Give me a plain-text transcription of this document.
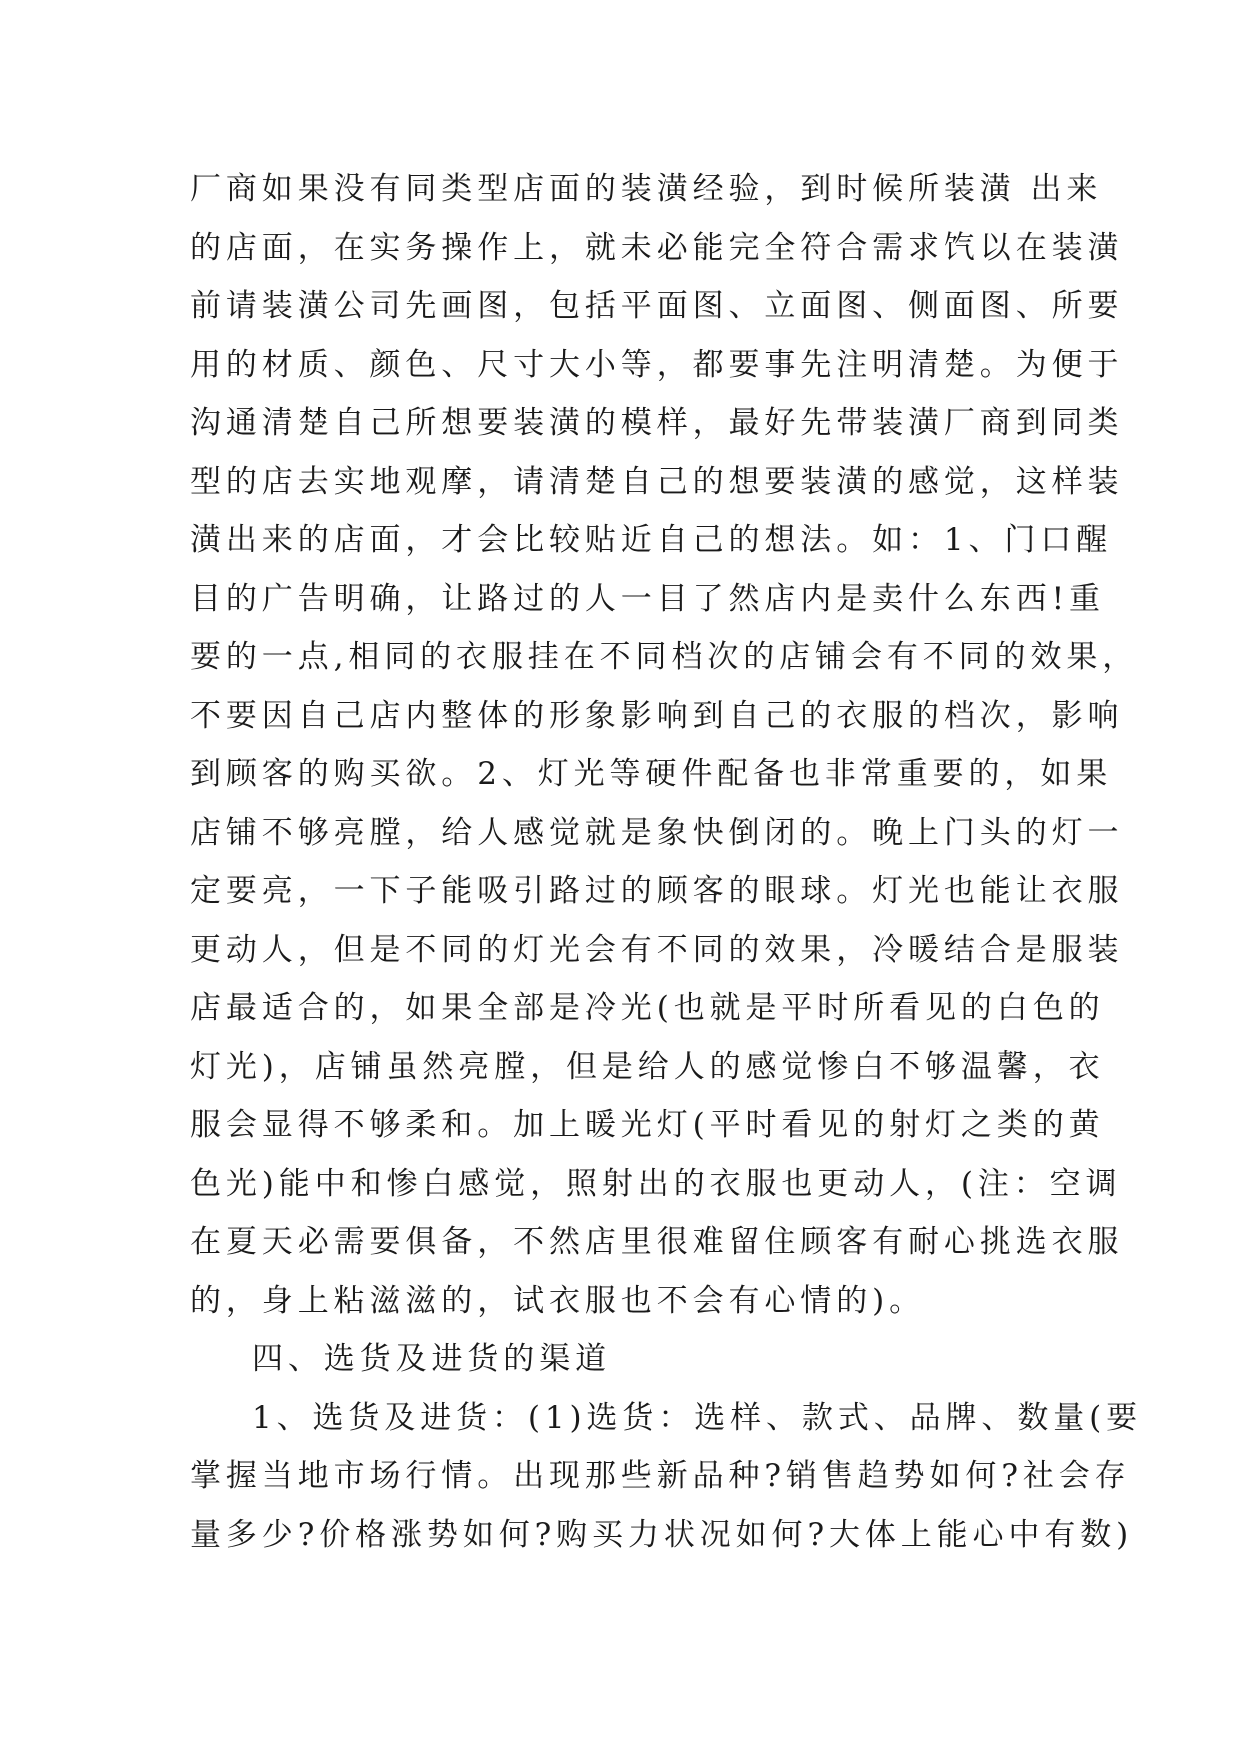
厂商如果没有同类型店面的装潢经验，到时候所装潢 出来
的店面，在实务操作上，就未必能完全符合需求饩以在装潢
前请装潢公司先画图，包括平面图、立面图、侧面图、所要
用的材质、颜色、尺寸大小等，都要事先注明清楚。为便于
沟通清楚自己所想要装潢的模样，最好先带装潢厂商到同类
型的店去实地观摩，请清楚自己的想要装潢的感觉，这样装
潢出来的店面，才会比较贴近自己的想法。如：1、门口醒
目的广告明确，让路过的人一目了然店内是卖什么东西!重
要的一点,相同的衣服挂在不同档次的店铺会有不同的效果，
不要因自己店内整体的形象影响到自己的衣服的档次，影响
到顾客的购买欲。2、灯光等硬件配备也非常重要的，如果
店铺不够亮膛，给人感觉就是象快倒闭的。晚上门头的灯一
定要亮，一下子能吸引路过的顾客的眼球。灯光也能让衣服
更动人，但是不同的灯光会有不同的效果，冷暖结合是服装
店最适合的，如果全部是冷光(也就是平时所看见的白色的
灯光)，店铺虽然亮膛，但是给人的感觉惨白不够温馨，衣
服会显得不够柔和。加上暖光灯(平时看见的射灯之类的黄
色光)能中和惨白感觉，照射出的衣服也更动人，(注：空调
在夏天必需要俱备，不然店里很难留住顾客有耐心挑选衣服
的，身上粘滋滋的，试衣服也不会有心情的)。
四、选货及进货的渠道
1、选货及进货：(1)选货：选样、款式、品牌、数量(要
掌握当地市场行情。出现那些新品种?销售趋势如何?社会存
量多少?价格涨势如何?购买力状况如何?大体上能心中有数)
